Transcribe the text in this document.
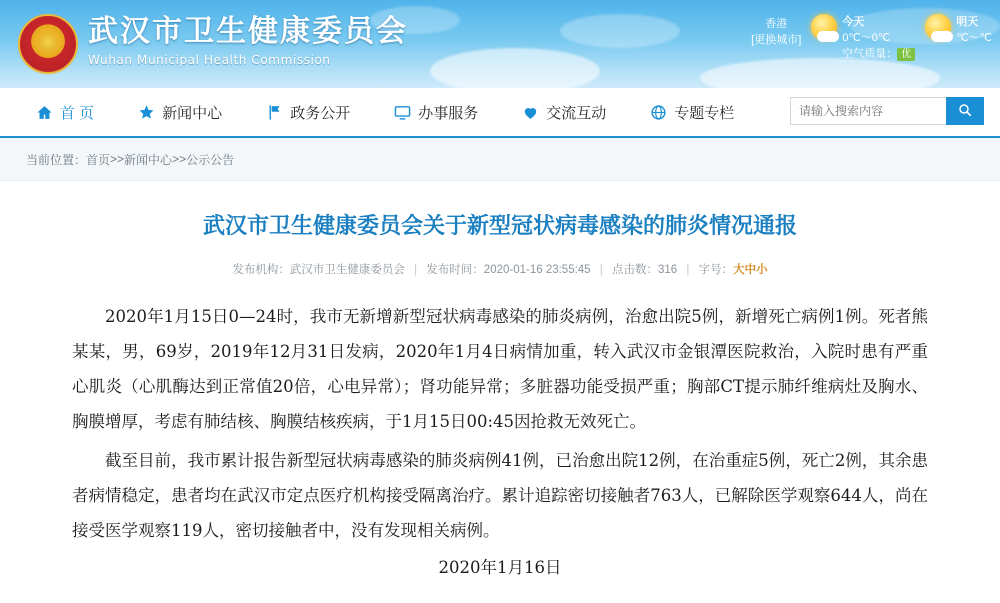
武汉市卫生健康委员会
Wuhan Municipal Health Commission
香港
[更换城市]
今天
0℃～0℃
空气质量： 优
明天
℃～℃
首 页	新闻中心	政务公开	办事服务	交流互动	专题专栏
请输入搜索内容
当前位置： 首页 >> 新闻中心 >> 公示公告
武汉市卫生健康委员会关于新型冠状病毒感染的肺炎情况通报
发布机构：武汉市卫生健康委员会 | 发布时间：2020-01-16 23:55:45 | 点击数：316 | 字号：大中小

2020年1月15日0—24时，我市无新增新型冠状病毒感染的肺炎病例，治愈出院5例，新增死亡病例1例。死者熊某某，男，69岁，2019年12月31日发病，2020年1月4日病情加重，转入武汉市金银潭医院救治，入院时患有严重心肌炎（心肌酶达到正常值20倍，心电异常）；肾功能异常；多脏器功能受损严重；胸部CT提示肺纤维病灶及胸水、胸膜增厚，考虑有肺结核、胸膜结核疾病，于1月15日00:45因抢救无效死亡。

截至目前，我市累计报告新型冠状病毒感染的肺炎病例41例，已治愈出院12例，在治重症5例，死亡2例，其余患者病情稳定，患者均在武汉市定点医疗机构接受隔离治疗。累计追踪密切接触者763人，已解除医学观察644人，尚在接受医学观察119人，密切接触者中，没有发现相关病例。

2020年1月16日
